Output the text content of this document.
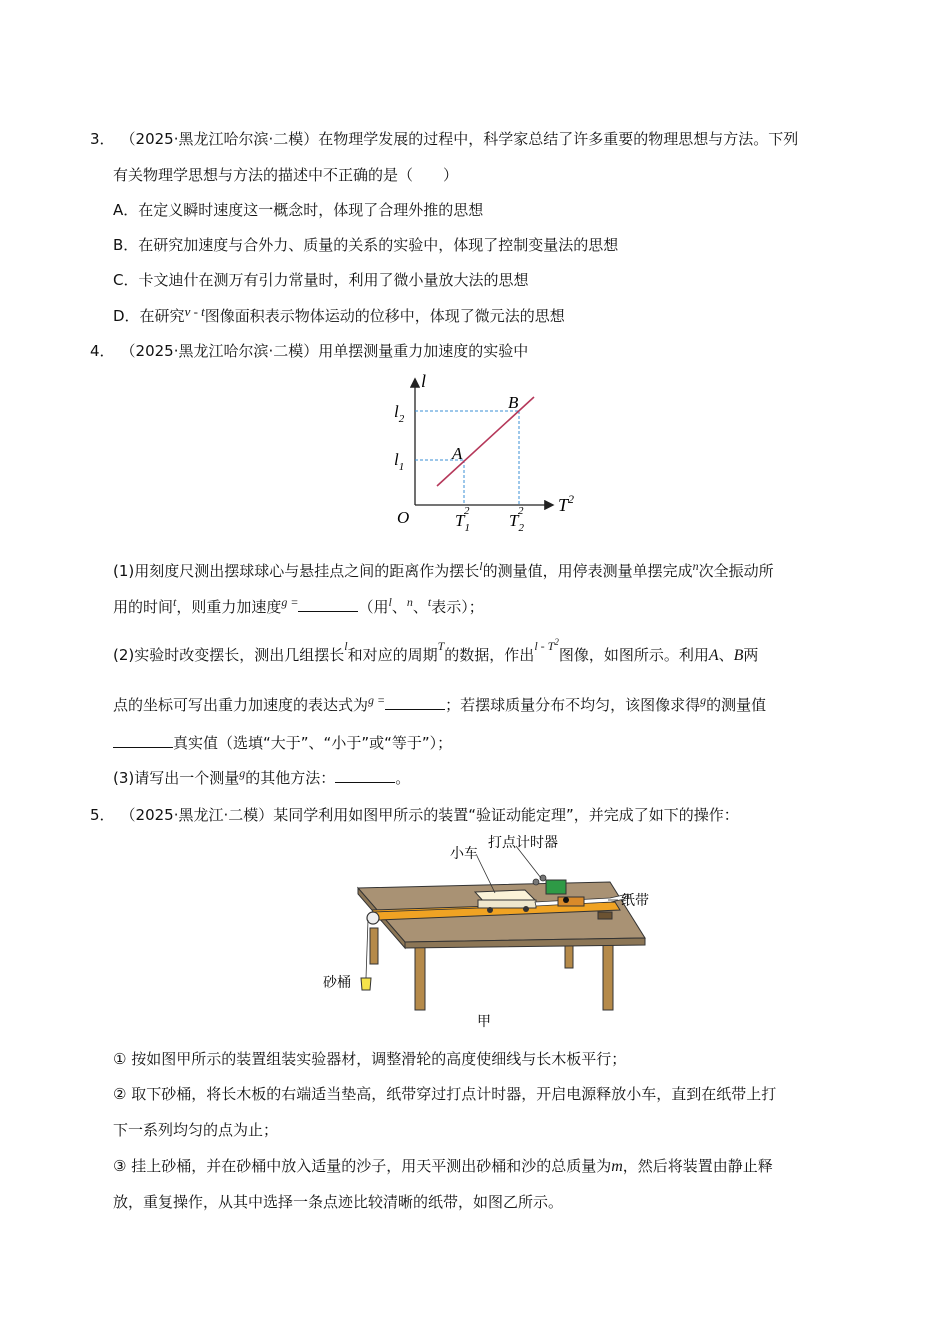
3． （2025·黑龙江哈尔滨·二模）在物理学发展的过程中，科学家总结了许多重要的物理思想与方法。下列
有关物理学思想与方法的描述中不正确的是（　　）
A．在定义瞬时速度这一概念时，体现了合理外推的思想
B．在研究加速度与合外力、质量的关系的实验中，体现了控制变量法的思想
C．卡文迪什在测万有引力常量时，利用了微小量放大法的思想
D．在研究v - t图像面积表示物体运动的位移中，体现了微元法的思想
4． （2025·黑龙江哈尔滨·二模）用单摆测量重力加速度的实验中
l
$T^2$
O
$l_2$
$l_1$
A
B
$T_12$ $T_22$
(1)用刻度尺测出摆球球心与悬挂点之间的距离作为摆长$^l$的测量值，用停表测量单摆完成$^n$次全振动所
用的时间$^t$，则重力加速度$^{g =}$	（用$^l$、$^n$、$^t$表示）；
(2)实验时改变摆长，测出几组摆长$^l$和对应的周期$^T$的数据，作出$^{l - T^2}$图像，如图所示。利用A、B两
点的坐标可写出重力加速度的表达式为$^{g =}$	；若摆球质量分布不均匀，该图像求得$^g$的测量值
真实值（选填“大于”、“小于”或“等于”）；
(3)请写出一个测量$^g$的其他方法：	。
5． （2025·黑龙江·二模）某同学利用如图甲所示的装置“验证动能定理”，并完成了如下的操作：
打点计时器
小车
纸带
砂桶
甲
① 按如图甲所示的装置组装实验器材，调整滑轮的高度使细线与长木板平行；
② 取下砂桶，将长木板的右端适当垫高，纸带穿过打点计时器，开启电源释放小车，直到在纸带上打
下一系列均匀的点为止；
③ 挂上砂桶，并在砂桶中放入适量的沙子，用天平测出砂桶和沙的总质量为m，然后将装置由静止释
放，重复操作，从其中选择一条点迹比较清晰的纸带，如图乙所示。
